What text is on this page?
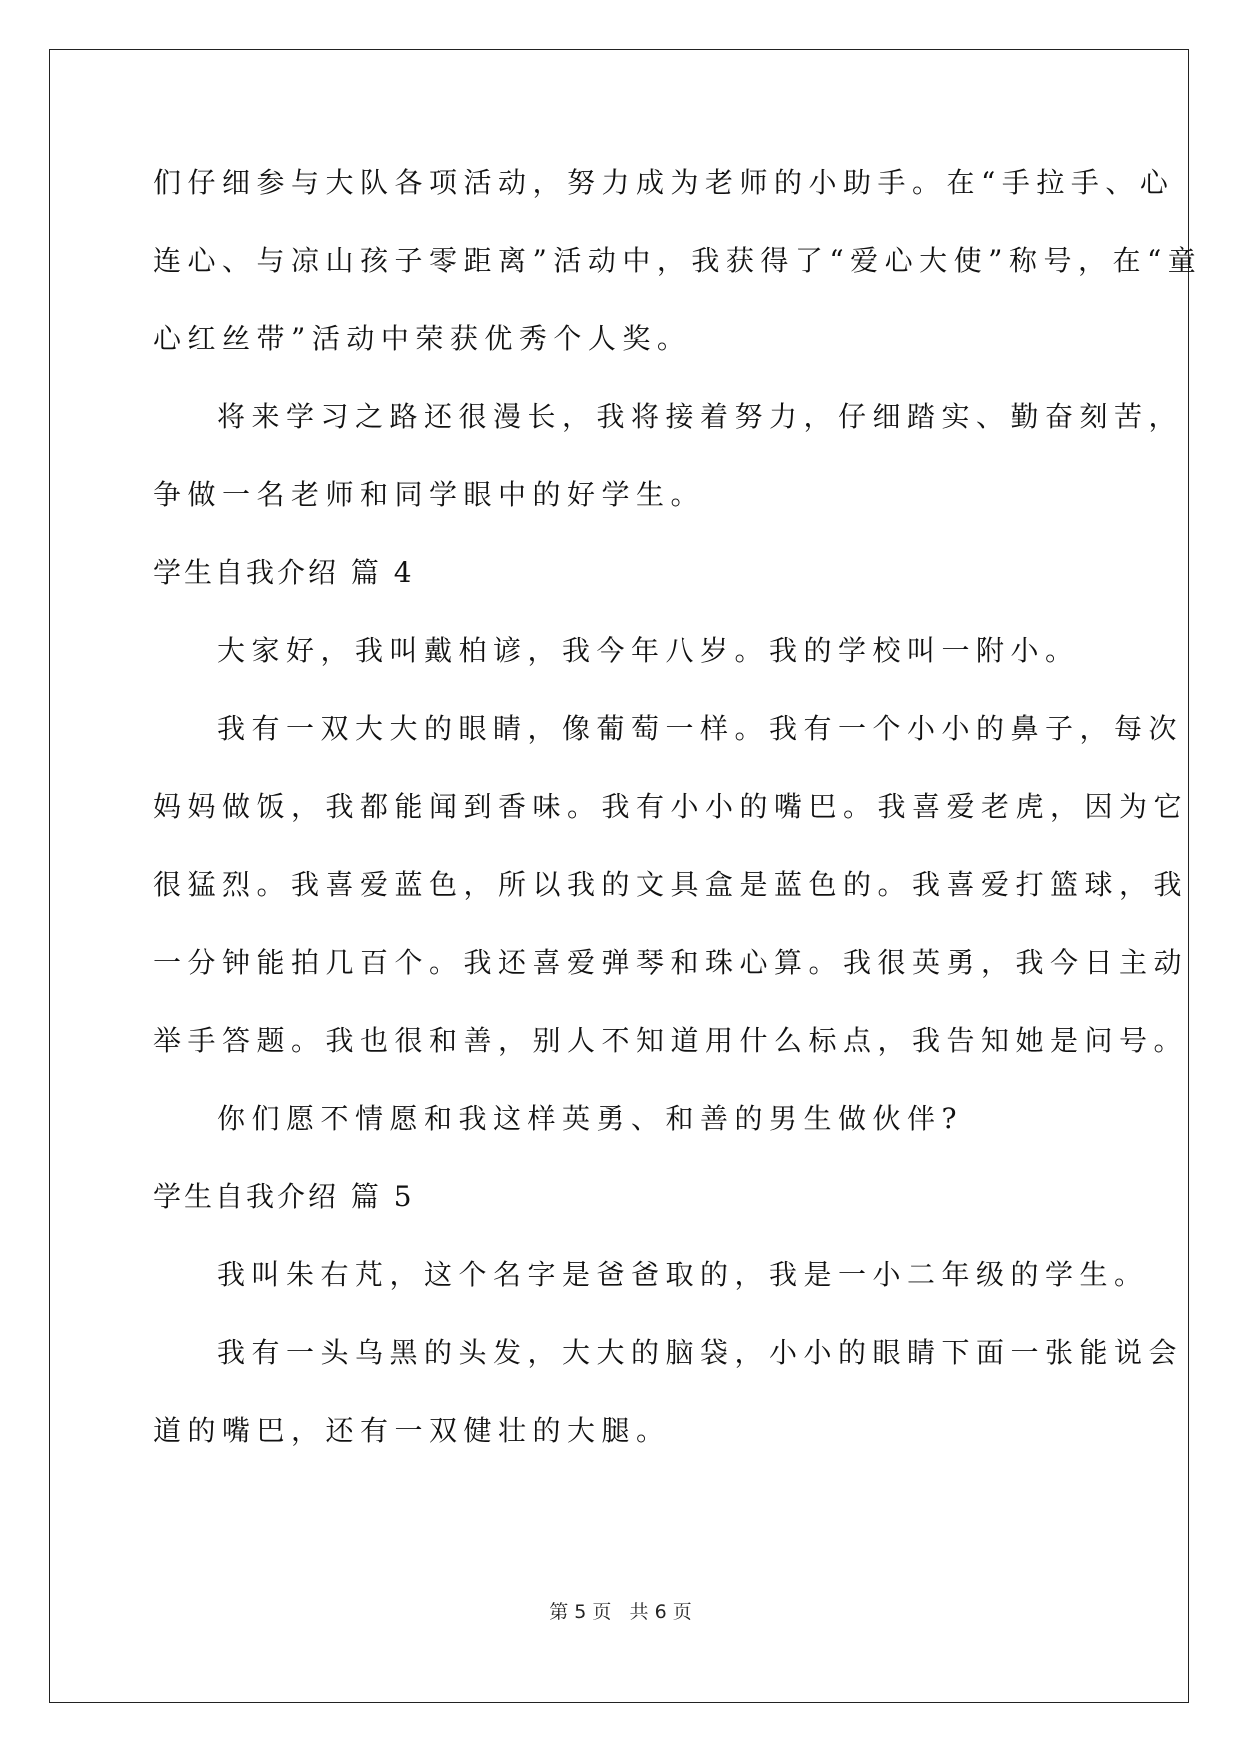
们仔细参与大队各项活动，努力成为老师的小助手。在“手拉手、心
连心、与凉山孩子零距离”活动中，我获得了“爱心大使”称号，在“童
心红丝带”活动中荣获优秀个人奖。
将来学习之路还很漫长，我将接着努力，仔细踏实、勤奋刻苦，
争做一名老师和同学眼中的好学生。
学生自我介绍 篇 4
大家好，我叫戴柏谚，我今年八岁。我的学校叫一附小。
我有一双大大的眼睛，像葡萄一样。我有一个小小的鼻子，每次
妈妈做饭，我都能闻到香味。我有小小的嘴巴。我喜爱老虎，因为它
很猛烈。我喜爱蓝色，所以我的文具盒是蓝色的。我喜爱打篮球，我
一分钟能拍几百个。我还喜爱弹琴和珠心算。我很英勇，我今日主动
举手答题。我也很和善，别人不知道用什么标点，我告知她是问号。
你们愿不情愿和我这样英勇、和善的男生做伙伴?
学生自我介绍 篇 5
我叫朱右芃，这个名字是爸爸取的，我是一小二年级的学生。
我有一头乌黑的头发，大大的脑袋，小小的眼睛下面一张能说会
道的嘴巴，还有一双健壮的大腿。
第 5 页   共 6 页
